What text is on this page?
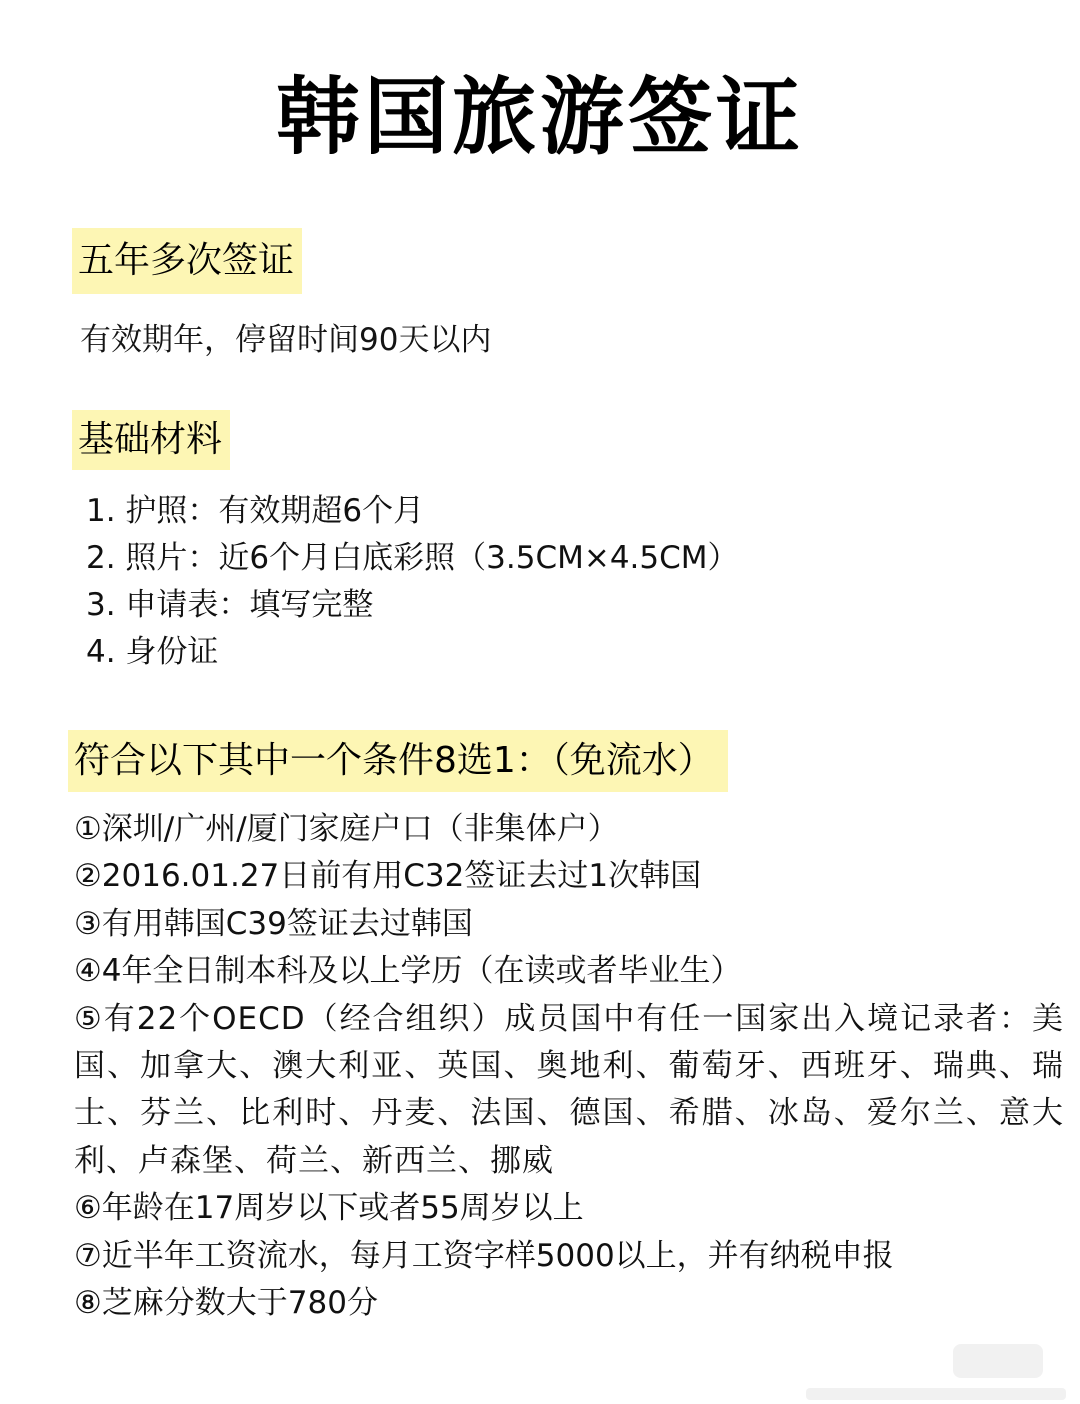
韩国旅游签证
五年多次签证
有效期年，停留时间90天以内
基础材料
1. 护照：有效期超6个月
2. 照片：近6个月白底彩照（3.5CM×4.5CM）
3. 申请表：填写完整
4. 身份证
符合以下其中一个条件8选1：（免流水）
①深圳/广州/厦门家庭户口（非集体户）
②2016.01.27日前有用C32签证去过1次韩国
③有用韩国C39签证去过韩国
④4年全日制本科及以上学历（在读或者毕业生）
⑤有22个OECD（经合组织）成员国中有任一国家出入境记录者：美国、加拿大、澳大利亚、英国、奥地利、葡萄牙、西班牙、瑞典、瑞士、芬兰、比利时、丹麦、法国、德国、希腊、冰岛、爱尔兰、意大利、卢森堡、荷兰、新西兰、挪威
⑥年龄在17周岁以下或者55周岁以上
⑦近半年工资流水，每月工资字样5000以上，并有纳税申报
⑧芝麻分数大于780分
